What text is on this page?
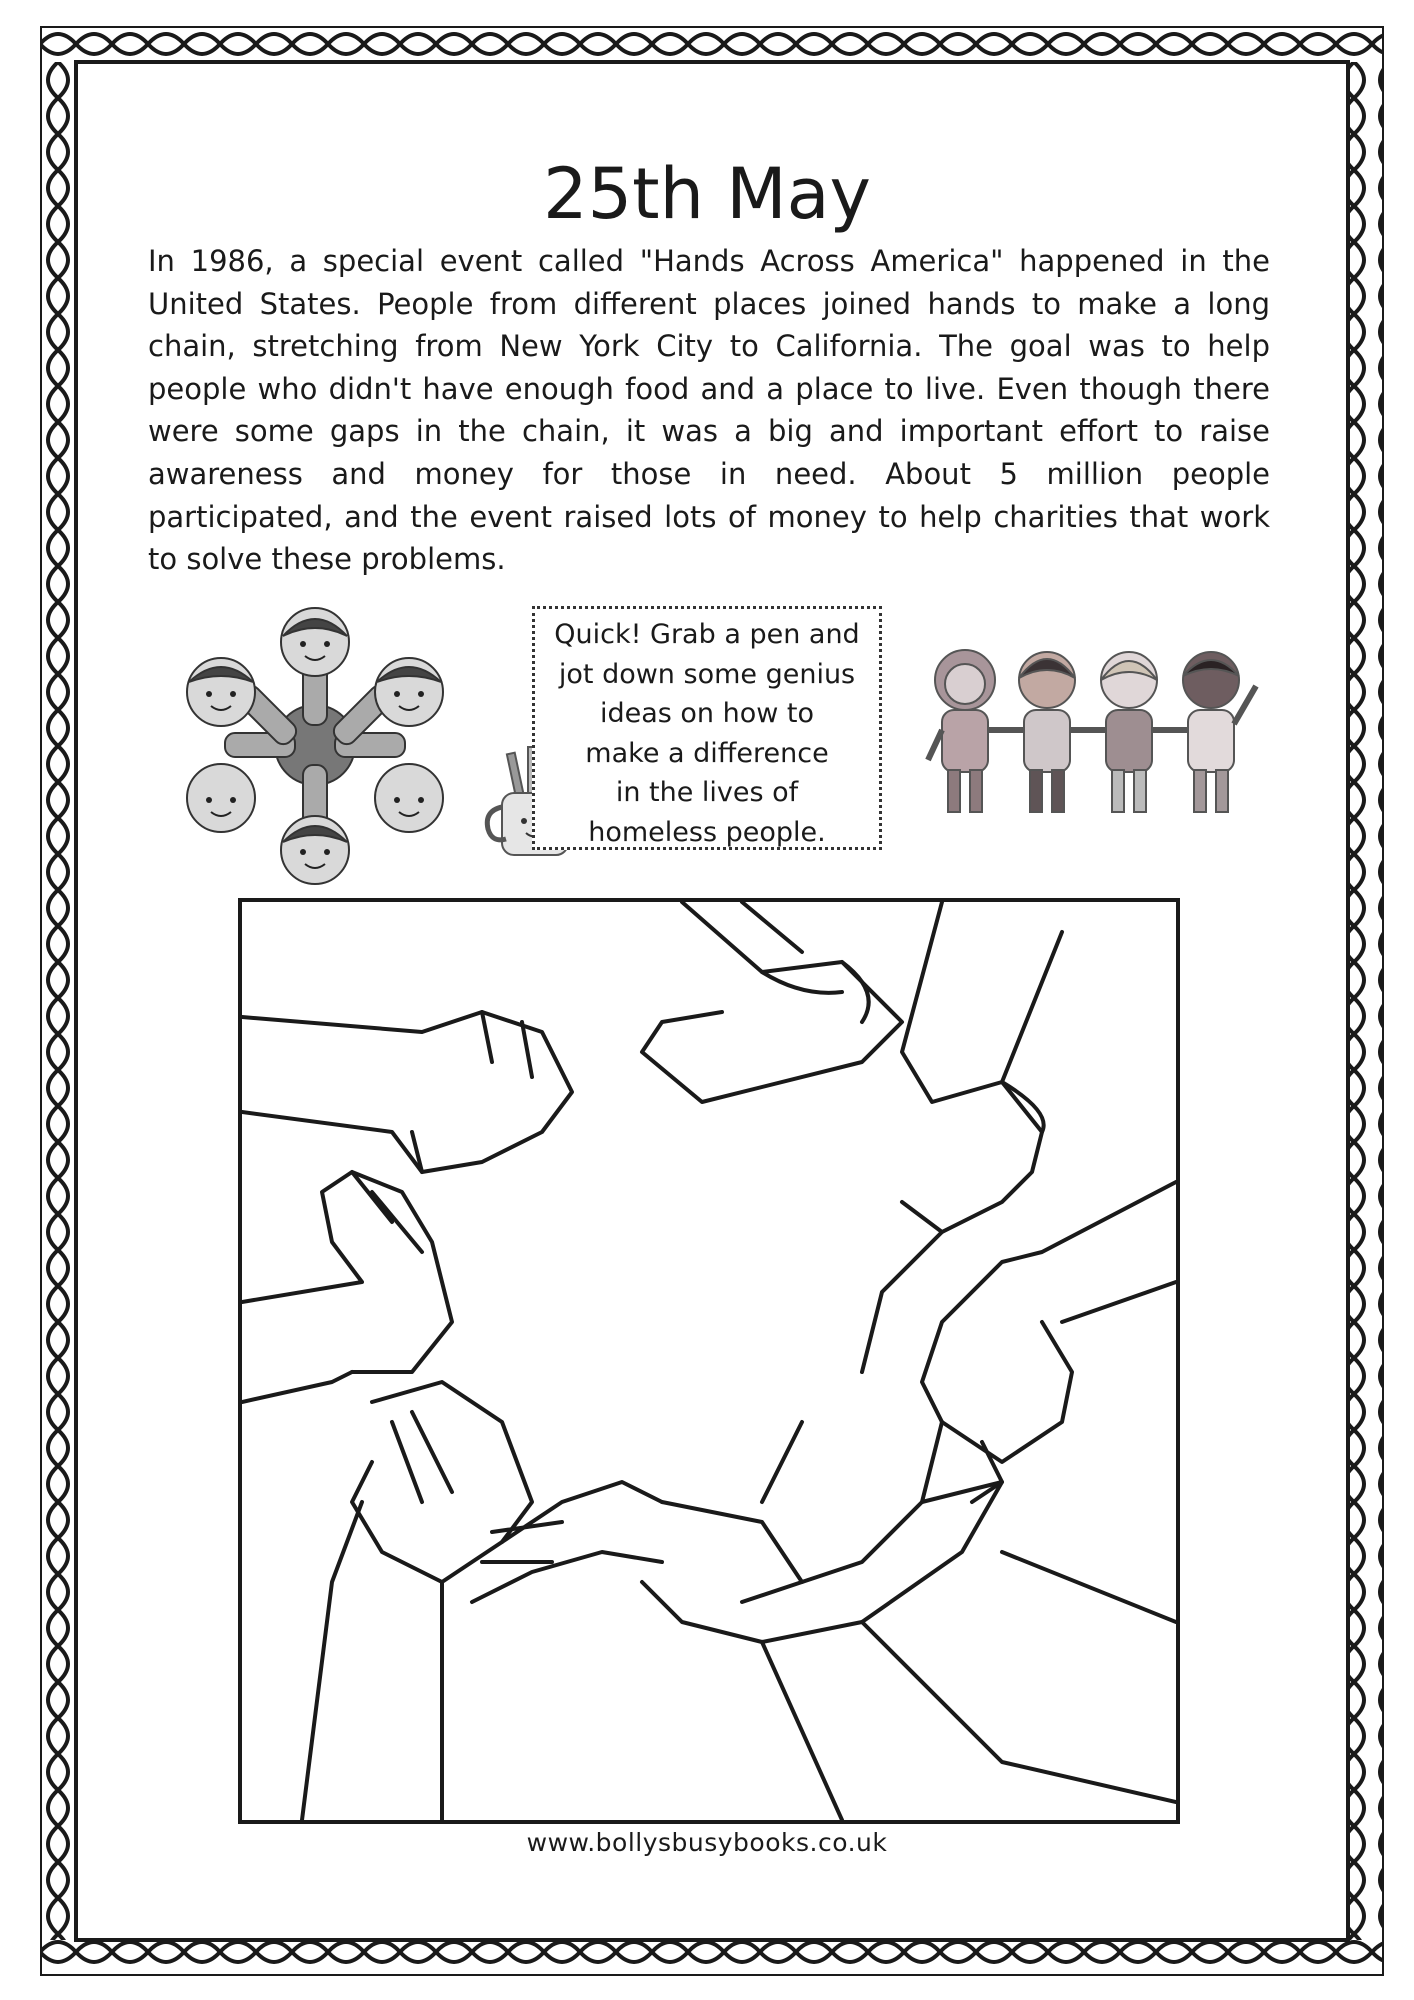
25th May

In 1986, a special event called "Hands Across America" happened in the United States. People from different places joined hands to make a long chain, stretching from New York City to California. The goal was to help people who didn't have enough food and a place to live. Even though there were some gaps in the chain, it was a big and important effort to raise awareness and money for those in need. About 5 million people participated, and the event raised lots of money to help charities that work to solve these problems.

Quick! Grab a pen and
jot down some genius
ideas on how to
make a difference
in the lives of
homeless people.
www.bollysbusybooks.co.uk
